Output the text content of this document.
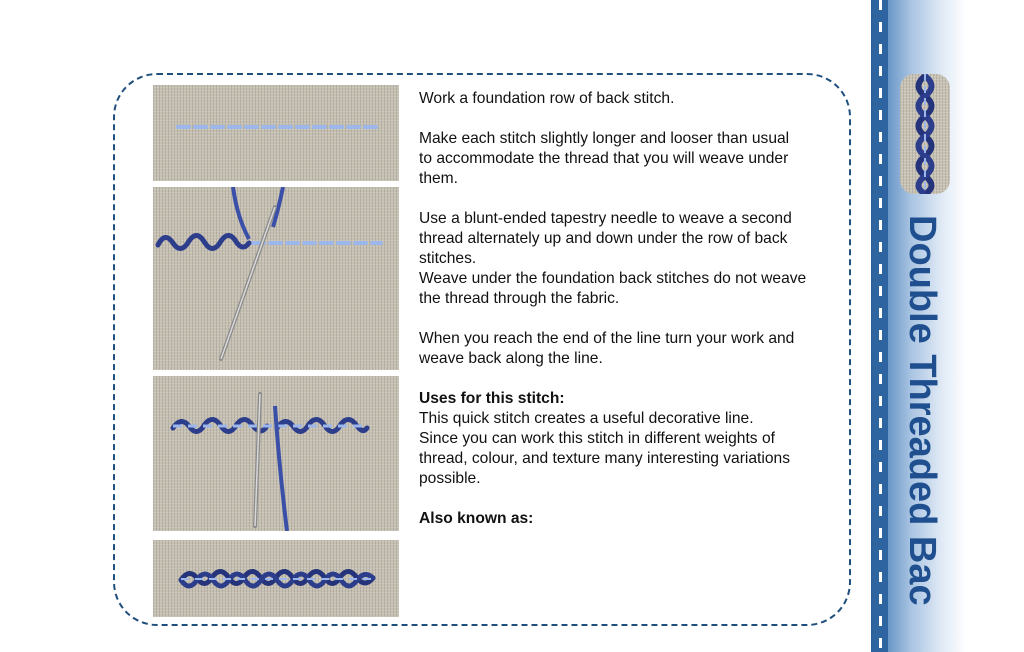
Work a foundation row of back stitch.

Make each stitch slightly longer and looser than usual
to accommodate the thread that you will weave under
them.

Use a blunt-ended tapestry needle to weave a second
thread alternately up and down under the row of back
stitches.
Weave under the foundation back stitches do not weave
the thread through the fabric.

When you reach the end of the line turn your work and
weave back along the line.

Uses for this stitch:
This quick stitch creates a useful decorative line.
Since you can work this stitch in different weights of
thread, colour, and texture many interesting variations
possible.

Also known as:	Double Threaded Bac
